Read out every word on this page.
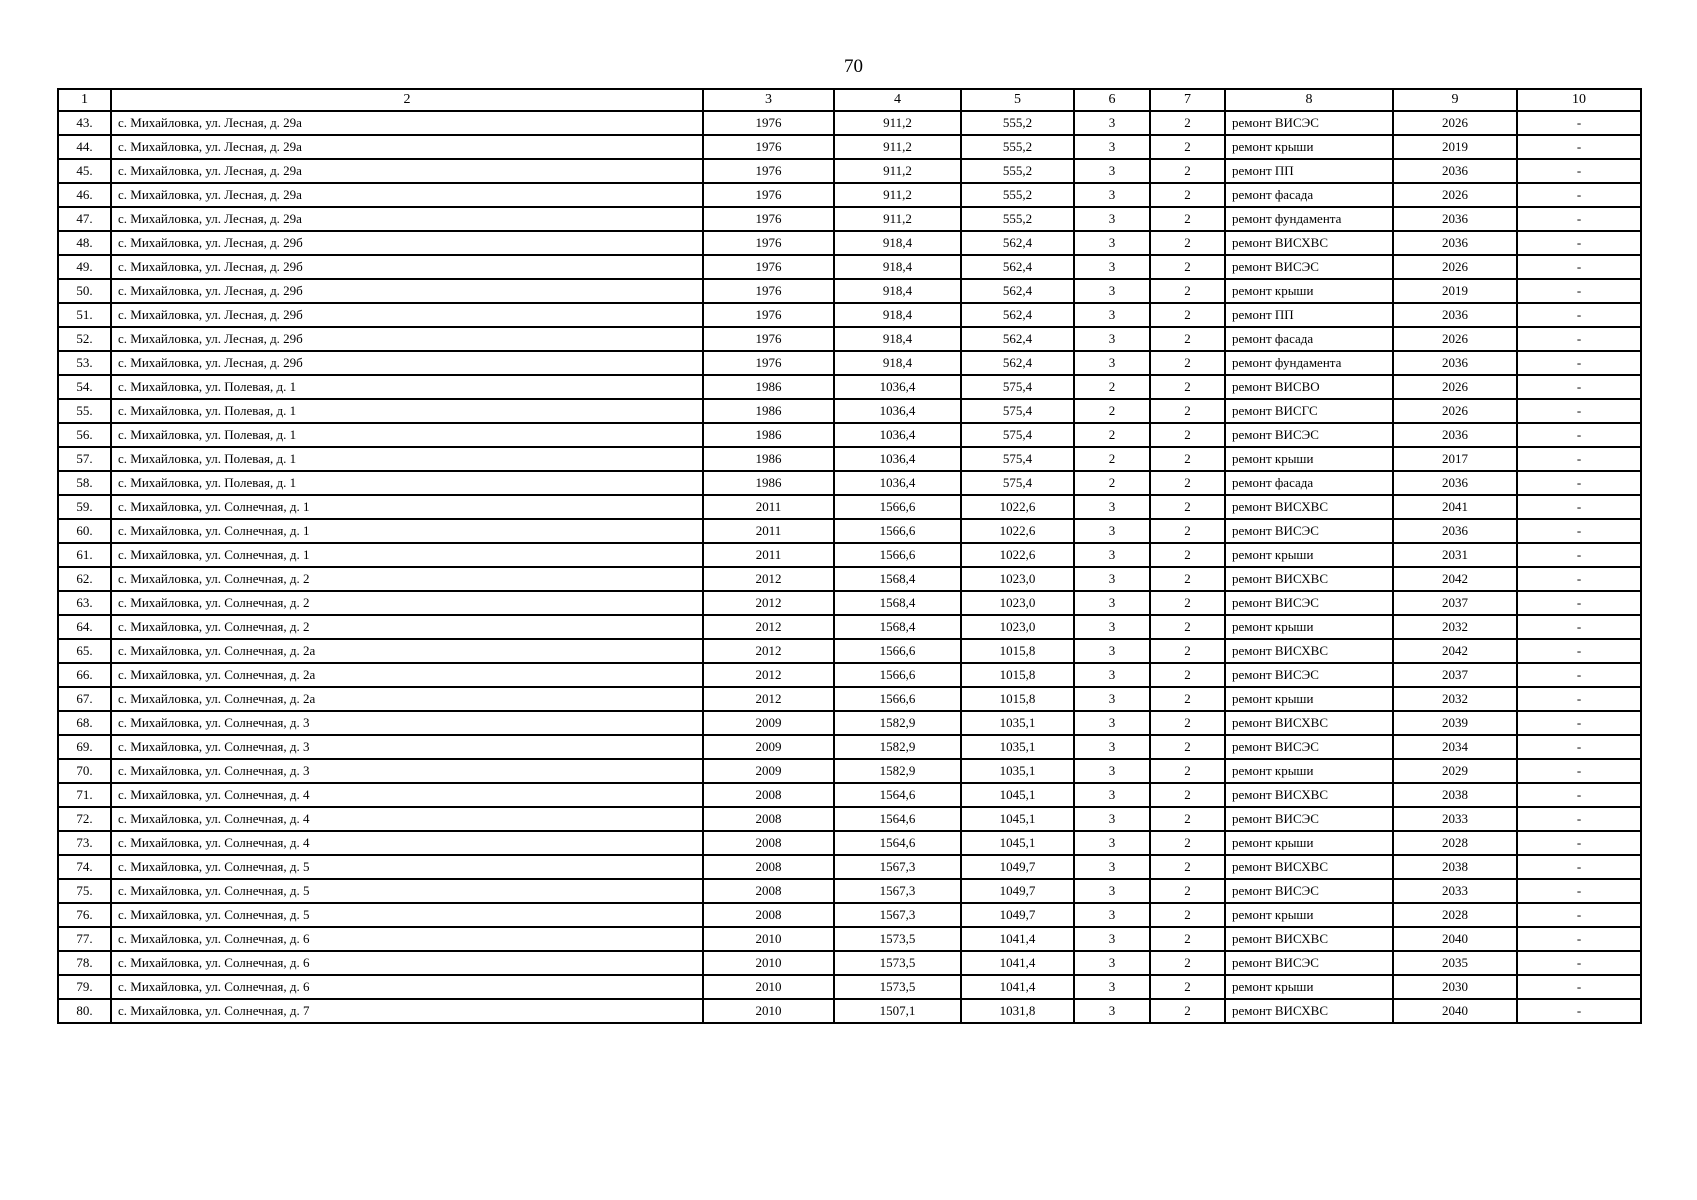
70
1	2	3	4	5	6	7	8	9	10
43.	с. Михайловка, ул. Лесная, д. 29а	1976	911,2	555,2	3	2	ремонт ВИСЭС	2026	-
44.	с. Михайловка, ул. Лесная, д. 29а	1976	911,2	555,2	3	2	ремонт крыши	2019	-
45.	с. Михайловка, ул. Лесная, д. 29а	1976	911,2	555,2	3	2	ремонт ПП	2036	-
46.	с. Михайловка, ул. Лесная, д. 29а	1976	911,2	555,2	3	2	ремонт фасада	2026	-
47.	с. Михайловка, ул. Лесная, д. 29а	1976	911,2	555,2	3	2	ремонт фундамента	2036	-
48.	с. Михайловка, ул. Лесная, д. 29б	1976	918,4	562,4	3	2	ремонт ВИСХВС	2036	-
49.	с. Михайловка, ул. Лесная, д. 29б	1976	918,4	562,4	3	2	ремонт ВИСЭС	2026	-
50.	с. Михайловка, ул. Лесная, д. 29б	1976	918,4	562,4	3	2	ремонт крыши	2019	-
51.	с. Михайловка, ул. Лесная, д. 29б	1976	918,4	562,4	3	2	ремонт ПП	2036	-
52.	с. Михайловка, ул. Лесная, д. 29б	1976	918,4	562,4	3	2	ремонт фасада	2026	-
53.	с. Михайловка, ул. Лесная, д. 29б	1976	918,4	562,4	3	2	ремонт фундамента	2036	-
54.	с. Михайловка, ул. Полевая, д. 1	1986	1036,4	575,4	2	2	ремонт ВИСВО	2026	-
55.	с. Михайловка, ул. Полевая, д. 1	1986	1036,4	575,4	2	2	ремонт ВИСГС	2026	-
56.	с. Михайловка, ул. Полевая, д. 1	1986	1036,4	575,4	2	2	ремонт ВИСЭС	2036	-
57.	с. Михайловка, ул. Полевая, д. 1	1986	1036,4	575,4	2	2	ремонт крыши	2017	-
58.	с. Михайловка, ул. Полевая, д. 1	1986	1036,4	575,4	2	2	ремонт фасада	2036	-
59.	с. Михайловка, ул. Солнечная, д. 1	2011	1566,6	1022,6	3	2	ремонт ВИСХВС	2041	-
60.	с. Михайловка, ул. Солнечная, д. 1	2011	1566,6	1022,6	3	2	ремонт ВИСЭС	2036	-
61.	с. Михайловка, ул. Солнечная, д. 1	2011	1566,6	1022,6	3	2	ремонт крыши	2031	-
62.	с. Михайловка, ул. Солнечная, д. 2	2012	1568,4	1023,0	3	2	ремонт ВИСХВС	2042	-
63.	с. Михайловка, ул. Солнечная, д. 2	2012	1568,4	1023,0	3	2	ремонт ВИСЭС	2037	-
64.	с. Михайловка, ул. Солнечная, д. 2	2012	1568,4	1023,0	3	2	ремонт крыши	2032	-
65.	с. Михайловка, ул. Солнечная, д. 2а	2012	1566,6	1015,8	3	2	ремонт ВИСХВС	2042	-
66.	с. Михайловка, ул. Солнечная, д. 2а	2012	1566,6	1015,8	3	2	ремонт ВИСЭС	2037	-
67.	с. Михайловка, ул. Солнечная, д. 2а	2012	1566,6	1015,8	3	2	ремонт крыши	2032	-
68.	с. Михайловка, ул. Солнечная, д. 3	2009	1582,9	1035,1	3	2	ремонт ВИСХВС	2039	-
69.	с. Михайловка, ул. Солнечная, д. 3	2009	1582,9	1035,1	3	2	ремонт ВИСЭС	2034	-
70.	с. Михайловка, ул. Солнечная, д. 3	2009	1582,9	1035,1	3	2	ремонт крыши	2029	-
71.	с. Михайловка, ул. Солнечная, д. 4	2008	1564,6	1045,1	3	2	ремонт ВИСХВС	2038	-
72.	с. Михайловка, ул. Солнечная, д. 4	2008	1564,6	1045,1	3	2	ремонт ВИСЭС	2033	-
73.	с. Михайловка, ул. Солнечная, д. 4	2008	1564,6	1045,1	3	2	ремонт крыши	2028	-
74.	с. Михайловка, ул. Солнечная, д. 5	2008	1567,3	1049,7	3	2	ремонт ВИСХВС	2038	-
75.	с. Михайловка, ул. Солнечная, д. 5	2008	1567,3	1049,7	3	2	ремонт ВИСЭС	2033	-
76.	с. Михайловка, ул. Солнечная, д. 5	2008	1567,3	1049,7	3	2	ремонт крыши	2028	-
77.	с. Михайловка, ул. Солнечная, д. 6	2010	1573,5	1041,4	3	2	ремонт ВИСХВС	2040	-
78.	с. Михайловка, ул. Солнечная, д. 6	2010	1573,5	1041,4	3	2	ремонт ВИСЭС	2035	-
79.	с. Михайловка, ул. Солнечная, д. 6	2010	1573,5	1041,4	3	2	ремонт крыши	2030	-
80.	с. Михайловка, ул. Солнечная, д. 7	2010	1507,1	1031,8	3	2	ремонт ВИСХВС	2040	-
